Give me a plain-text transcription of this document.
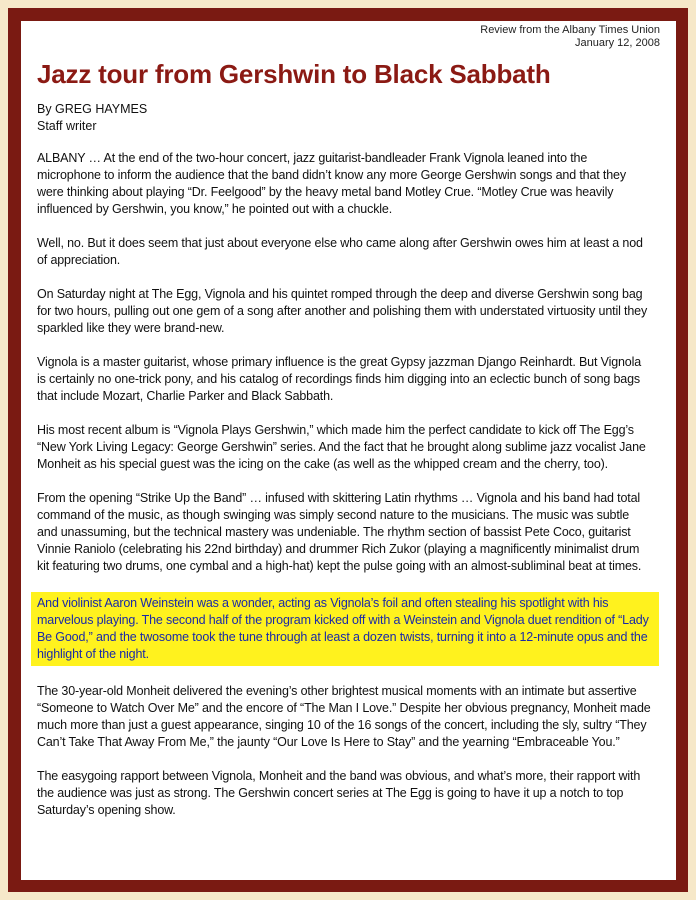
Review from the Albany Times Union
January 12, 2008
Jazz tour from Gershwin to Black Sabbath
By GREG HAYMES
Staff writer

ALBANY … At the end of the two-hour concert, jazz guitarist-bandleader Frank Vignola leaned into the microphone to inform the audience that the band didn’t know any more George Gershwin songs and that they were thinking about playing “Dr. Feelgood” by the heavy metal band Motley Crue. “Motley Crue was heavily influenced by Gershwin, you know,” he pointed out with a chuckle.

Well, no. But it does seem that just about everyone else who came along after Gershwin owes him at least a nod of appreciation.

On Saturday night at The Egg, Vignola and his quintet romped through the deep and diverse Gershwin song bag for two hours, pulling out one gem of a song after another and polishing them with understated virtuosity until they sparkled like they were brand-new.

Vignola is a master guitarist, whose primary influence is the great Gypsy jazzman Django Reinhardt. But Vignola is certainly no one-trick pony, and his catalog of recordings finds him digging into an eclectic bunch of song bags that include Mozart, Charlie Parker and Black Sabbath.

His most recent album is “Vignola Plays Gershwin,” which made him the perfect candidate to kick off The Egg’s “New York Living Legacy: George Gershwin” series. And the fact that he brought along sublime jazz vocalist Jane Monheit as his special guest was the icing on the cake (as well as the whipped cream and the cherry, too).

From the opening “Strike Up the Band” … infused with skittering Latin rhythms … Vignola and his band had total command of the music, as though swinging was simply second nature to the musicians. The music was subtle and unassuming, but the technical mastery was undeniable. The rhythm section of bassist Pete Coco, guitarist Vinnie Raniolo (celebrating his 22nd birthday) and drummer Rich Zukor (playing a magnificently minimalist drum kit featuring two drums, one cymbal and a high-hat) kept the pulse going with an almost-subliminal beat at times.

And violinist Aaron Weinstein was a wonder, acting as Vignola’s foil and often stealing his spotlight with his marvelous playing. The second half of the program kicked off with a Weinstein and Vignola duet rendition of “Lady Be Good,” and the twosome took the tune through at least a dozen twists, turning it into a 12-minute opus and the highlight of the night.

The 30-year-old Monheit delivered the evening’s other brightest musical moments with an intimate but assertive “Someone to Watch Over Me” and the encore of “The Man I Love.” Despite her obvious pregnancy, Monheit made much more than just a guest appearance, singing 10 of the 16 songs of the concert, including the sly, sultry “They Can’t Take That Away From Me,” the jaunty “Our Love Is Here to Stay” and the yearning “Embraceable You.”

The easygoing rapport between Vignola, Monheit and the band was obvious, and what’s more, their rapport with the audience was just as strong. The Gershwin concert series at The Egg is going to have it up a notch to top Saturday’s opening show.
